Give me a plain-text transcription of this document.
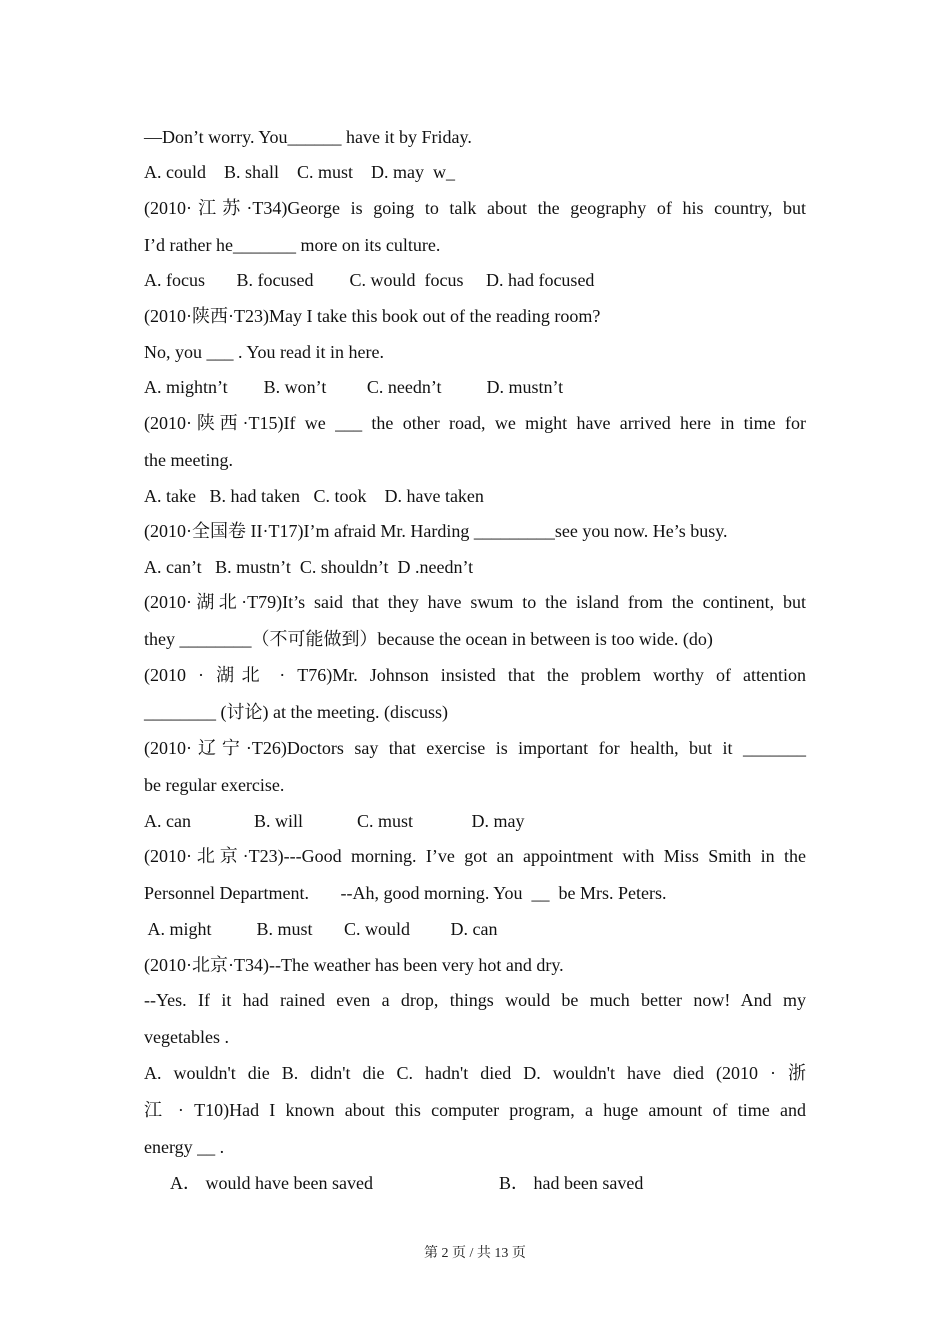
—Don’t worry. You______ have it by Friday.
A. could    B. shall    C. must    D. may  w_
(2010·江苏·T34)George is going to talk about the geography of his country, but
I’d rather he_______ more on its culture.
A. focus       B. focused        C. would  focus     D. had focused
(2010·陕西·T23)May I take this book out of the reading room?
No, you ___ . You read it in here.
A. mightn’t        B. won’t         C. needn’t          D. mustn’t
(2010·陕西·T15)If we ___ the other road, we might have arrived here in time for
the meeting.
A. take   B. had taken   C. took    D. have taken
(2010·全国卷 II·T17)I’m afraid Mr. Harding _________see you now. He’s busy.
A. can’t   B. mustn’t  C. shouldn’t  D .needn’t
(2010·湖北·T79)It’s said that they have swum to the island from the continent, but
they ________（不可能做到）because the ocean in between is too wide. (do)
(2010 · 湖北 · T76)Mr. Johnson insisted that the problem worthy of attention
________ (讨论) at the meeting. (discuss)
(2010·辽宁·T26)Doctors say that exercise is important for health, but it _______
be regular exercise.
A. can              B. will            C. must             D. may
(2010·北京·T23)---Good morning. I’ve got an appointment with Miss Smith in the
Personnel Department.       --Ah, good morning. You  __  be Mrs. Peters.
A. might          B. must       C. would         D. can
(2010·北京·T34)--The weather has been very hot and dry.
--Yes. If it had rained even a drop, things would be much better now! And my
vegetables .
A. wouldn't die B. didn't die C. hadn't died D. wouldn't have died (2010 · 浙
江 · T10)Had I known about this computer program, a huge amount of time and
energy __ .
A． would have been saved                            B． had been saved
第 2 页 / 共 13 页
